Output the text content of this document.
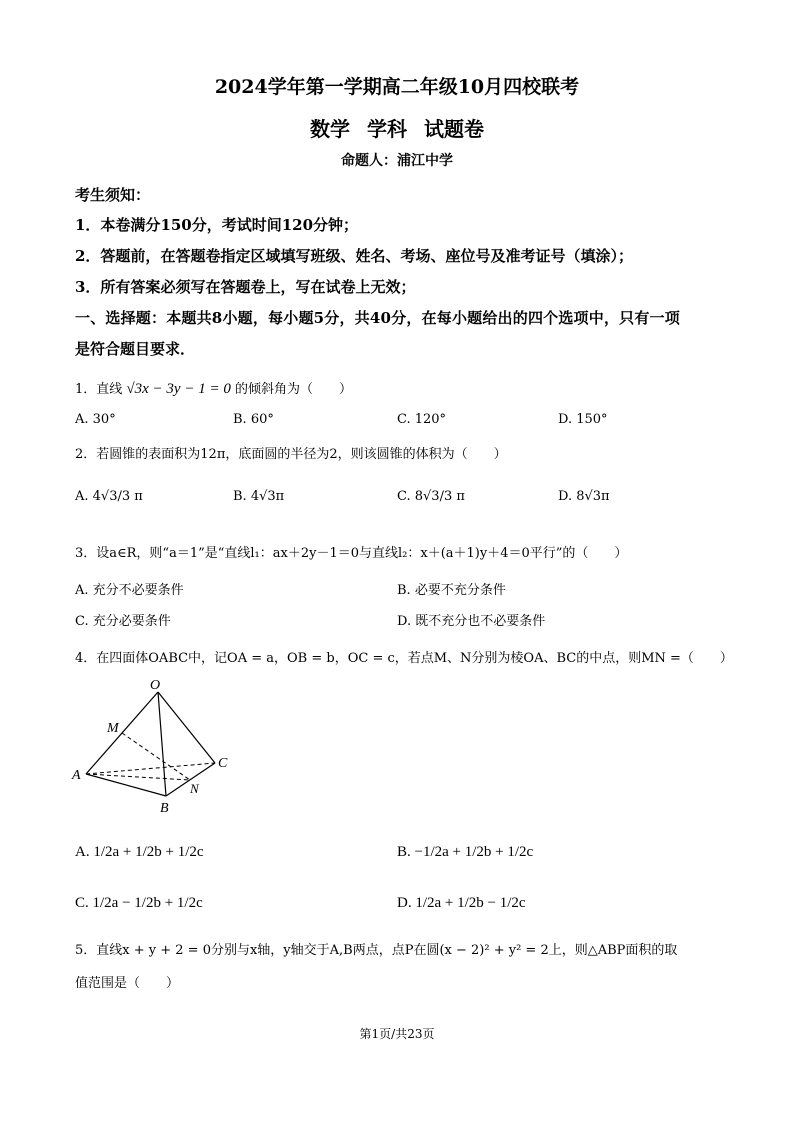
2024学年第一学期高二年级10月四校联考
数学 学科 试题卷
命题人：浦江中学
考生须知：
1．本卷满分150分，考试时间120分钟；
2．答题前，在答题卷指定区域填写班级、姓名、考场、座位号及准考证号（填涂）；
3．所有答案必须写在答题卷上，写在试卷上无效；
一、选择题：本题共8小题，每小题5分，共40分，在每小题给出的四个选项中，只有一项
是符合题目要求．
1．直线 √3x − 3y − 1 = 0 的倾斜角为（　　）
A. 30°	B. 60°	C. 120°	D. 150°
2．若圆锥的表面积为12π，底面圆的半径为2，则该圆锥的体积为（　　）
A. 4√3/3 π	B. 4√3π	C. 8√3/3 π	D. 8√3π
3．设a∈R，则“a＝1”是“直线l₁：ax＋2y－1＝0与直线l₂：x＋(a＋1)y＋4＝0平行”的（　　）
A. 充分不必要条件	B. 必要不充分条件
C. 充分必要条件	D. 既不充分也不必要条件
4．在四面体OABC中，记OA = a，OB = b，OC = c，若点M、N分别为棱OA、BC的中点，则MN =（　　）
O
M
C
A
N
B
A. 1/2a + 1/2b + 1/2c	B. −1/2a + 1/2b + 1/2c
C. 1/2a − 1/2b + 1/2c	D. 1/2a + 1/2b − 1/2c
5．直线x + y + 2 = 0分别与x轴，y轴交于A,B两点，点P在圆(x − 2)² + y² = 2上，则△ABP面积的取
值范围是（　　）
第1页/共23页
